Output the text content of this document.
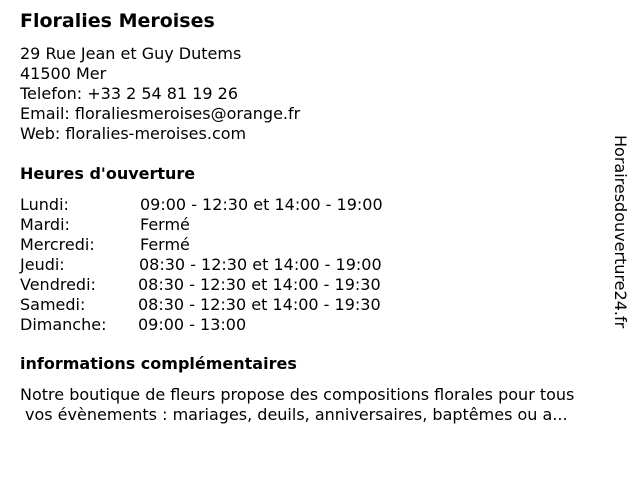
Floralies Meroises
29 Rue Jean et Guy Dutems
41500 Mer
Telefon: +33 2 54 81 19 26
Email: floraliesmeroises@orange.fr
Web: floralies-meroises.com
Heures d'ouverture
Lundi:	09:00 - 12:30 et 14:00 - 19:00
Mardi:	Fermé
Mercredi:	Fermé
Jeudi:	08:30 - 12:30 et 14:00 - 19:00
Vendredi:	08:30 - 12:30 et 14:00 - 19:30
Samedi:	08:30 - 12:30 et 14:00 - 19:30
Dimanche: 09:00 - 13:00
informations complémentaires
Notre boutique de fleurs propose des compositions florales pour tous
vos évènements : mariages, deuils, anniversaires, baptêmes ou a...
Horairesdouverture24.fr
